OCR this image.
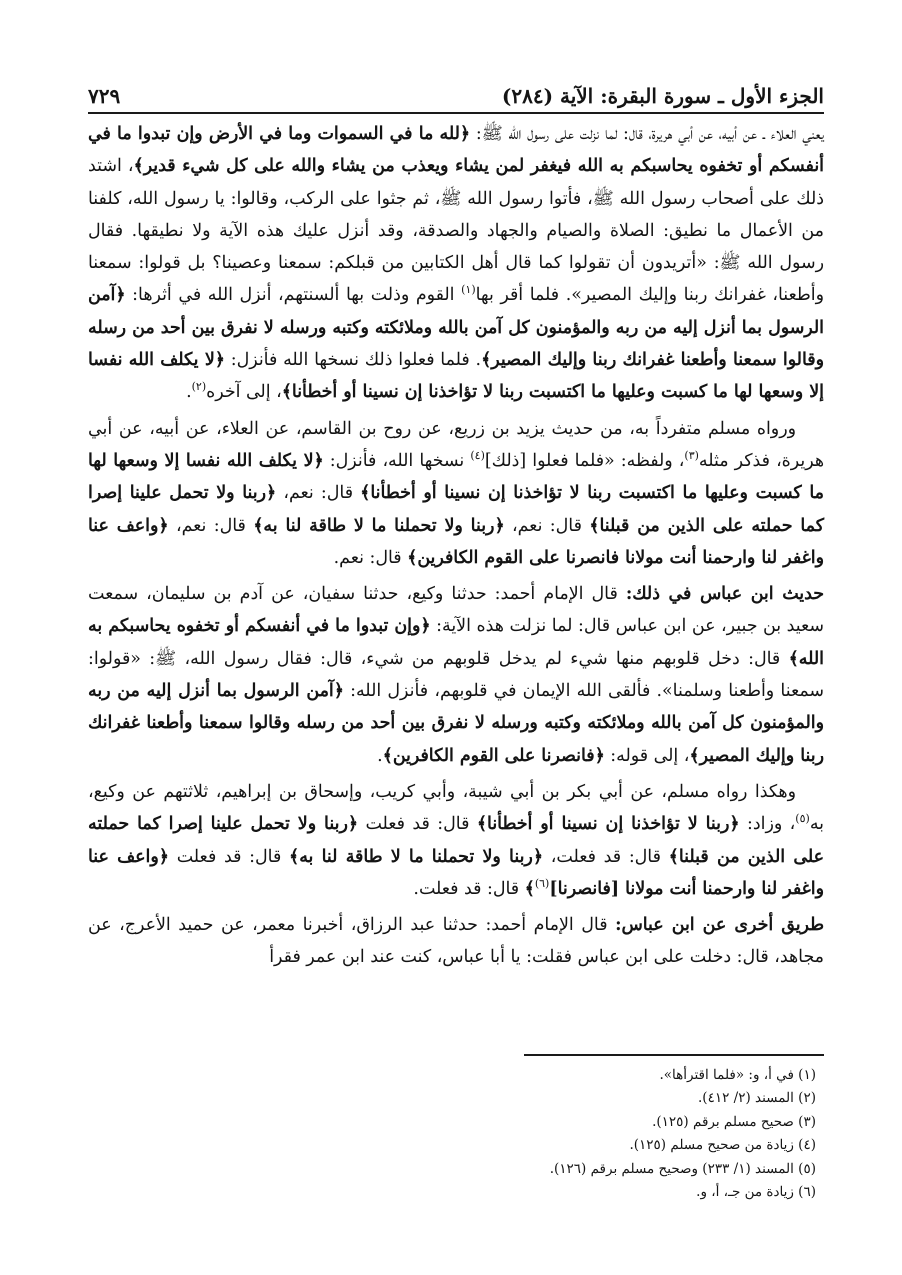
الجزء الأول ـ سورة البقرة: الآية (٢٨٤)
٧٢٩

يعني العلاء ـ عن أبيه، عن أبي هريرة، قال: لما نزلت على رسول الله ﷺ: ﴿لله ما في السموات وما في الأرض وإن تبدوا ما في أنفسكم أو تخفوه يحاسبكم به الله فيغفر لمن يشاء ويعذب من يشاء والله على كل شيء قدير﴾، اشتد ذلك على أصحاب رسول الله ﷺ، فأتوا رسول الله ﷺ، ثم جثوا على الركب، وقالوا: يا رسول الله، كلفنا من الأعمال ما نطيق: الصلاة والصيام والجهاد والصدقة، وقد أنزل عليك هذه الآية ولا نطيقها. فقال رسول الله ﷺ: «أتريدون أن تقولوا كما قال أهل الكتابين من قبلكم: سمعنا وعصينا؟ بل قولوا: سمعنا وأطعنا، غفرانك ربنا وإليك المصير». فلما أقر بها$^{(١)}$ القوم وذلت بها ألسنتهم، أنزل الله في أثرها: ﴿آمن الرسول بما أنزل إليه من ربه والمؤمنون كل آمن بالله وملائكته وكتبه ورسله لا نفرق بين أحد من رسله وقالوا سمعنا وأطعنا غفرانك ربنا وإليك المصير﴾. فلما فعلوا ذلك نسخها الله فأنزل: ﴿لا يكلف الله نفسا إلا وسعها لها ما كسبت وعليها ما اكتسبت ربنا لا تؤاخذنا إن نسينا أو أخطأنا﴾، إلى آخره$^{(٢)}$.

ورواه مسلم متفرداً به، من حديث يزيد بن زريع، عن روح بن القاسم، عن العلاء، عن أبيه، عن أبي هريرة، فذكر مثله$^{(٣)}$، ولفظه: «فلما فعلوا [ذلك]$^{(٤)}$ نسخها الله، فأنزل: ﴿لا يكلف الله نفسا إلا وسعها لها ما كسبت وعليها ما اكتسبت ربنا لا تؤاخذنا إن نسينا أو أخطأنا﴾ قال: نعم، ﴿ربنا ولا تحمل علينا إصرا كما حملته على الذين من قبلنا﴾ قال: نعم، ﴿ربنا ولا تحملنا ما لا طاقة لنا به﴾ قال: نعم، ﴿واعف عنا واغفر لنا وارحمنا أنت مولانا فانصرنا على القوم الكافرين﴾ قال: نعم.

حديث ابن عباس في ذلك: قال الإمام أحمد: حدثنا وكيع، حدثنا سفيان، عن آدم بن سليمان، سمعت سعيد بن جبير، عن ابن عباس قال: لما نزلت هذه الآية: ﴿وإن تبدوا ما في أنفسكم أو تخفوه يحاسبكم به الله﴾ قال: دخل قلوبهم منها شيء لم يدخل قلوبهم من شيء، قال: فقال رسول الله، ﷺ: «قولوا: سمعنا وأطعنا وسلمنا». فألقى الله الإيمان في قلوبهم، فأنزل الله: ﴿آمن الرسول بما أنزل إليه من ربه والمؤمنون كل آمن بالله وملائكته وكتبه ورسله لا نفرق بين أحد من رسله وقالوا سمعنا وأطعنا غفرانك ربنا وإليك المصير﴾، إلى قوله: ﴿فانصرنا على القوم الكافرين﴾.

وهكذا رواه مسلم، عن أبي بكر بن أبي شيبة، وأبي كريب، وإسحاق بن إبراهيم، ثلاثتهم عن وكيع، به$^{(٥)}$، وزاد: ﴿ربنا لا تؤاخذنا إن نسينا أو أخطأنا﴾ قال: قد فعلت ﴿ربنا ولا تحمل علينا إصرا كما حملته على الذين من قبلنا﴾ قال: قد فعلت، ﴿ربنا ولا تحملنا ما لا طاقة لنا به﴾ قال: قد فعلت ﴿واعف عنا واغفر لنا وارحمنا أنت مولانا [فانصرنا]$^{(٦)}$﴾ قال: قد فعلت.

طريق أخرى عن ابن عباس: قال الإمام أحمد: حدثنا عبد الرزاق، أخبرنا معمر، عن حميد الأعرج، عن مجاهد، قال: دخلت على ابن عباس فقلت: يا أبا عباس، كنت عند ابن عمر فقرأ

(١) في أ، و: «فلما اقترأها».
(٢) المسند (٢/ ٤١٢).
(٣) صحيح مسلم برقم (١٢٥).
(٤) زيادة من صحيح مسلم (١٢٥).
(٥) المسند (١/ ٢٣٣) وصحيح مسلم برقم (١٢٦).
(٦) زيادة من جـ، أ، و.
